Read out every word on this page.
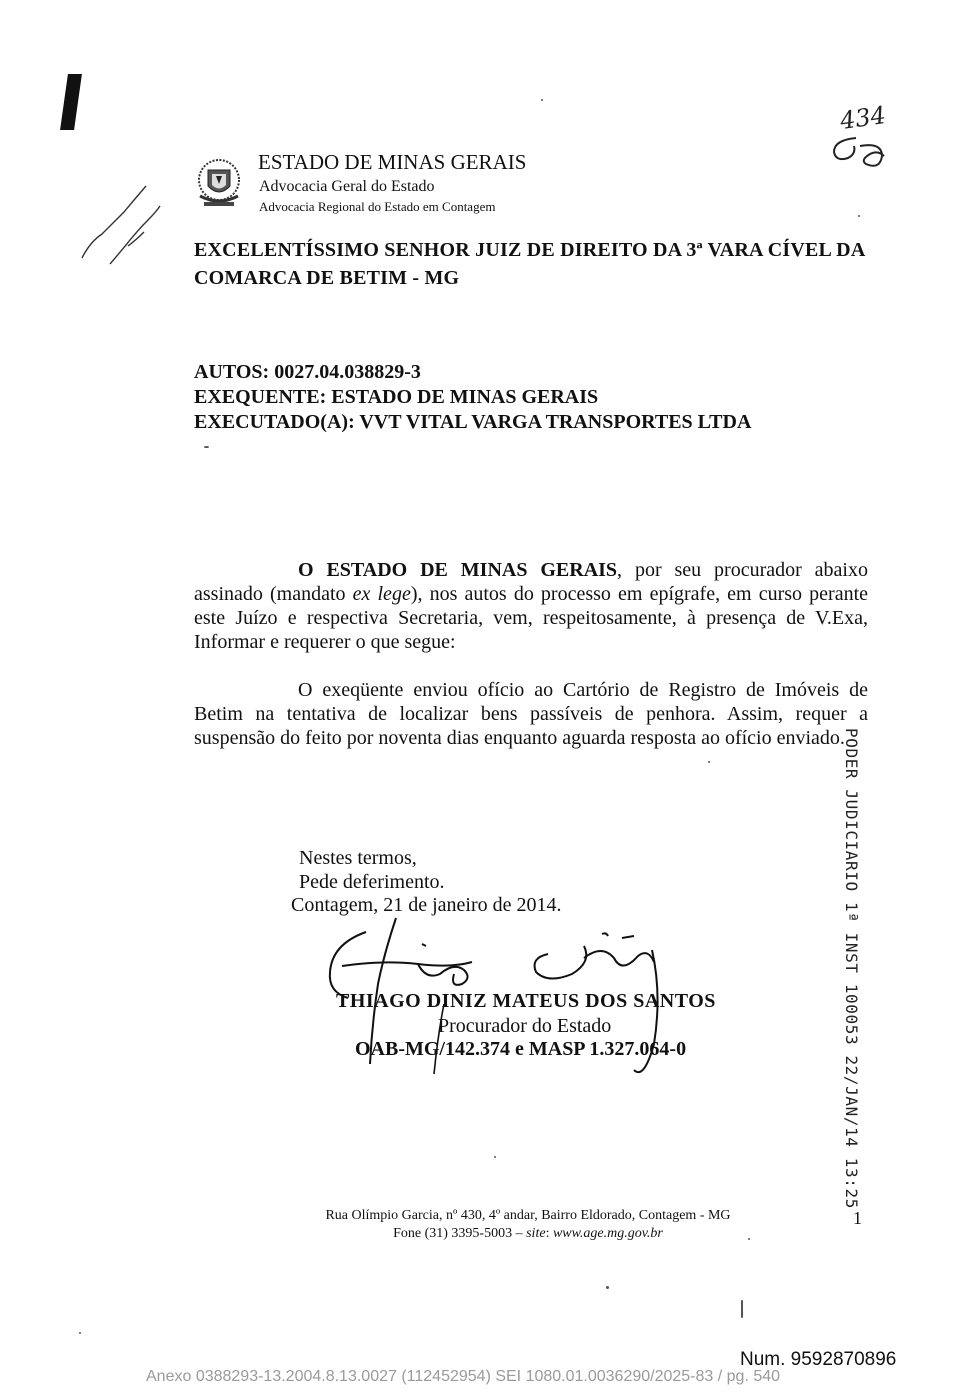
ESTADO DE MINAS GERAIS
Advocacia Geral do Estado
Advocacia Regional do Estado em Contagem
434
EXCELENTÍSSIMO SENHOR JUIZ DE DIREITO DA 3ª VARA CÍVEL DA COMARCA DE BETIM - MG
AUTOS: 0027.04.038829-3
EXEQUENTE: ESTADO DE MINAS GERAIS
EXECUTADO(A): VVT VITAL VARGA TRANSPORTES LTDA
O ESTADO DE MINAS GERAIS, por seu procurador abaixo assinado (mandato ex lege), nos autos do processo em epígrafe, em curso perante este Juízo e respectiva Secretaria, vem, respeitosamente, à presença de V.Exa, Informar e requerer o que segue:
O exeqüente enviou ofício ao Cartório de Registro de Imóveis de Betim na tentativa de localizar bens passíveis de penhora. Assim, requer a suspensão do feito por noventa dias enquanto aguarda resposta ao ofício enviado.
Nestes termos,
Pede deferimento.
Contagem, 21 de janeiro de 2014.
THIAGO DINIZ MATEUS DOS SANTOS
Procurador do Estado
OAB-MG/142.374 e MASP 1.327.064-0	PODER JUDICIARIO 1ª INST 100053 22/JAN/14 13:25
Rua Olímpio Garcia, nº 430, 4º andar, Bairro Eldorado, Contagem - MG
Fone (31) 3395-5003 – site: www.age.mg.gov.br
1
Num. 9592870896
Anexo 0388293-13.2004.8.13.0027 (112452954) SEI 1080.01.0036290/2025-83 / pg. 540
